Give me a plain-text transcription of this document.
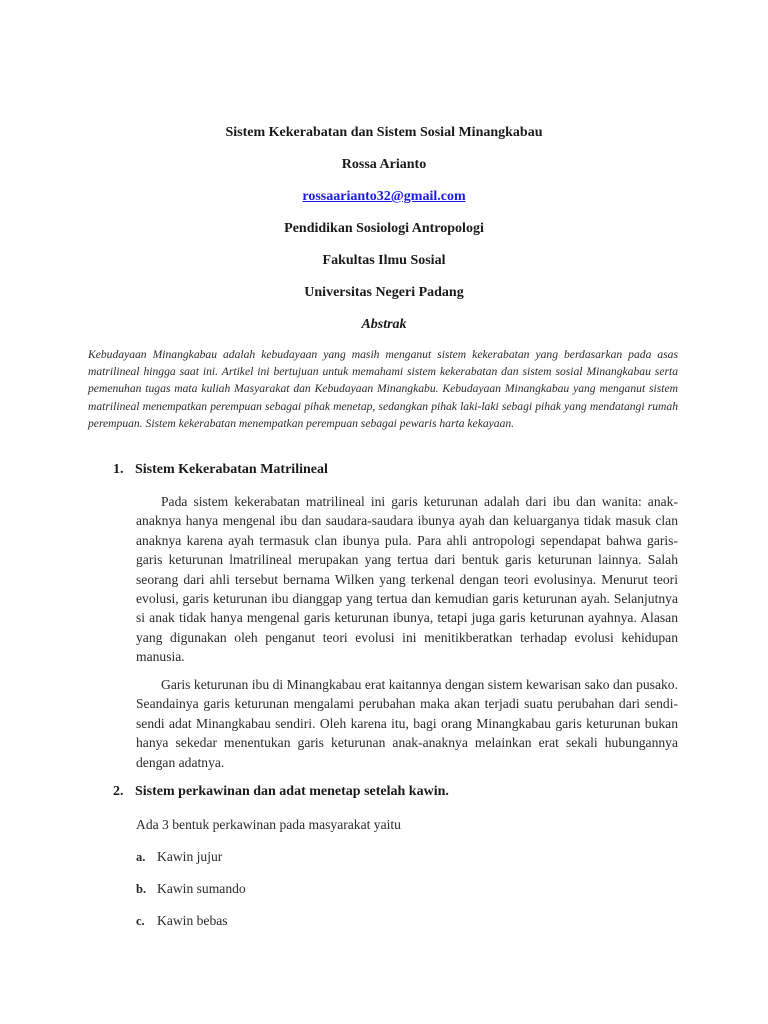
Sistem Kekerabatan dan Sistem Sosial Minangkabau
Rossa Arianto
rossaarianto32@gmail.com
Pendidikan Sosiologi Antropologi
Fakultas Ilmu Sosial
Universitas Negeri Padang
Abstrak

Kebudayaan Minangkabau adalah kebudayaan yang masih menganut sistem kekerabatan yang berdasarkan pada asas matrilineal hingga saat ini. Artikel ini bertujuan untuk memahami sistem kekerabatan dan sistem sosial Minangkabau serta pemenuhan tugas mata kuliah Masyarakat dan Kebudayaan Minangkabu. Kebudayaan Minangkabau yang menganut sistem matrilineal menempatkan perempuan sebagai pihak menetap, sedangkan pihak laki-laki sebagi pihak yang mendatangi rumah perempuan. Sistem kekerabatan menempatkan perempuan sebagai pewaris harta kekayaan.

1. Sistem Kekerabatan Matrilineal

Pada sistem kekerabatan matrilineal ini garis keturunan adalah dari ibu dan wanita: anak-anaknya hanya mengenal ibu dan saudara-saudara ibunya ayah dan keluarganya tidak masuk clan anaknya karena ayah termasuk clan ibunya pula. Para ahli antropologi sependapat bahwa garis-garis keturunan lmatrilineal merupakan yang tertua dari bentuk garis keturunan lainnya. Salah seorang dari ahli tersebut bernama Wilken yang terkenal dengan teori evolusinya. Menurut teori evolusi, garis keturunan ibu dianggap yang tertua dan kemudian garis keturunan ayah. Selanjutnya si anak tidak hanya mengenal garis keturunan ibunya, tetapi juga garis keturunan ayahnya. Alasan yang digunakan oleh penganut teori evolusi ini menitikberatkan terhadap evolusi kehidupan manusia.

Garis keturunan ibu di Minangkabau erat kaitannya dengan sistem kewarisan sako dan pusako. Seandainya garis keturunan mengalami perubahan maka akan terjadi suatu perubahan dari sendi-sendi adat Minangkabau sendiri. Oleh karena itu, bagi orang Minangkabau garis keturunan bukan hanya sekedar menentukan garis keturunan anak-anaknya melainkan erat sekali hubungannya dengan adatnya.

2. Sistem perkawinan dan adat menetap setelah kawin.

Ada 3 bentuk perkawinan pada masyarakat yaitu

a. Kawin jujur
b. Kawin sumando
c. Kawin bebas
